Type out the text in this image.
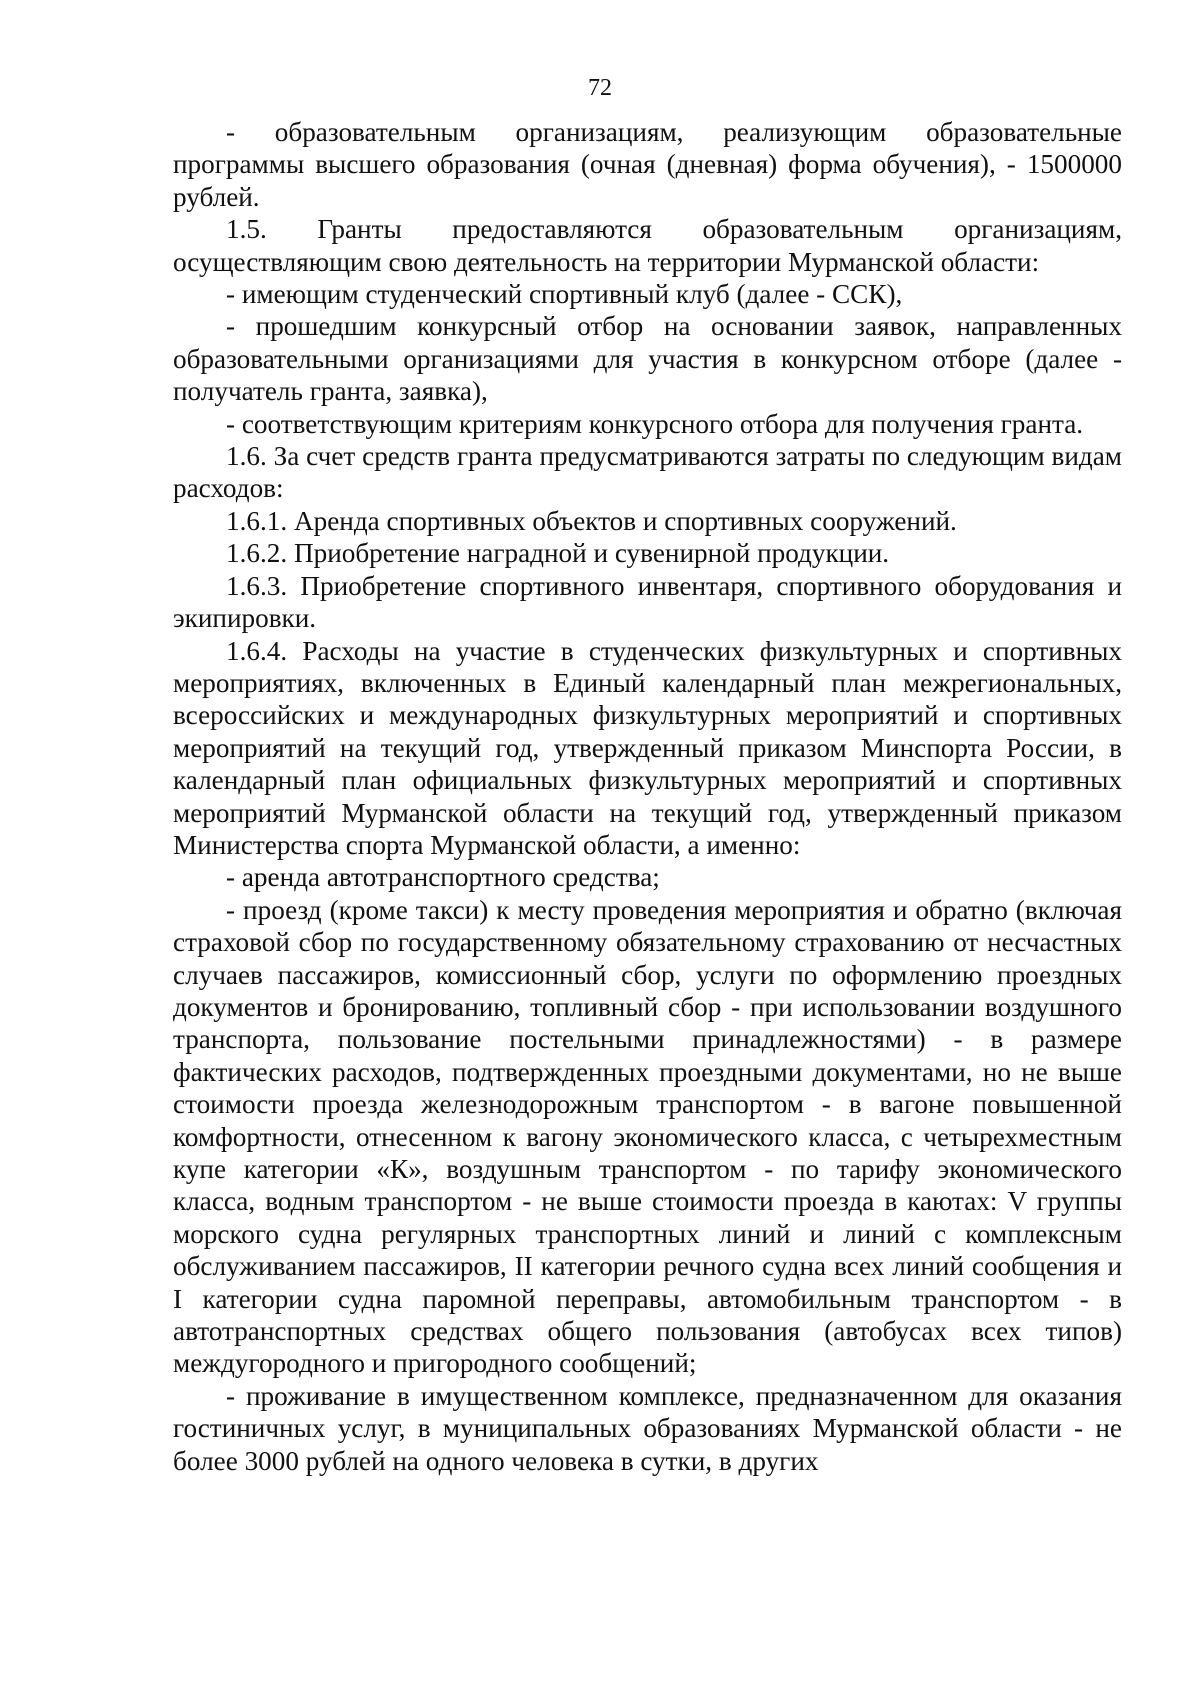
72

- образовательным организациям, реализующим образовательные программы высшего образования (очная (дневная) форма обучения), - 1500000 рублей.

1.5. Гранты предоставляются образовательным организациям, осуществляющим свою деятельность на территории Мурманской области:

- имеющим студенческий спортивный клуб (далее - ССК),

- прошедшим конкурсный отбор на основании заявок, направленных образовательными организациями для участия в конкурсном отборе (далее - получатель гранта, заявка),

- соответствующим критериям конкурсного отбора для получения гранта.

1.6. За счет средств гранта предусматриваются затраты по следующим видам расходов:

1.6.1. Аренда спортивных объектов и спортивных сооружений.

1.6.2. Приобретение наградной и сувенирной продукции.

1.6.3. Приобретение спортивного инвентаря, спортивного оборудования и экипировки.

1.6.4. Расходы на участие в студенческих физкультурных и спортивных мероприятиях, включенных в Единый календарный план межрегиональных, всероссийских и международных физкультурных мероприятий и спортивных мероприятий на текущий год, утвержденный приказом Минспорта России, в календарный план официальных физкультурных мероприятий и спортивных мероприятий Мурманской области на текущий год, утвержденный приказом Министерства спорта Мурманской области, а именно:

- аренда автотранспортного средства;

- проезд (кроме такси) к месту проведения мероприятия и обратно (включая страховой сбор по государственному обязательному страхованию от несчастных случаев пассажиров, комиссионный сбор, услуги по оформлению проездных документов и бронированию, топливный сбор - при использовании воздушного транспорта, пользование постельными принадлежностями) - в размере фактических расходов, подтвержденных проездными документами, но не выше стоимости проезда железнодорожным транспортом - в вагоне повышенной комфортности, отнесенном к вагону экономического класса, с четырехместным купе категории «К», воздушным транспортом - по тарифу экономического класса, водным транспортом - не выше стоимости проезда в каютах: V группы морского судна регулярных транспортных линий и линий с комплексным обслуживанием пассажиров, II категории речного судна всех линий сообщения и I категории судна паромной переправы, автомобильным транспортом - в автотранспортных средствах общего пользования (автобусах всех типов) междугородного и пригородного сообщений;

- проживание в имущественном комплексе, предназначенном для оказания гостиничных услуг, в муниципальных образованиях Мурманской области - не более 3000 рублей на одного человека в сутки, в других
